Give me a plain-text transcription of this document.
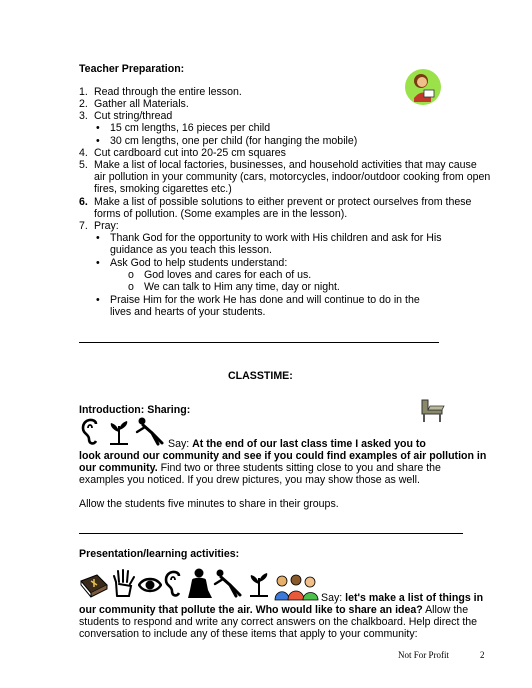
Teacher Preparation:
1. Read through the entire lesson.
2. Gather all Materials.
3. Cut string/thread
• 15 cm lengths, 16 pieces per child
• 30 cm lengths, one per child (for hanging the mobile)
4. Cut cardboard cut into 20-25 cm squares
5. Make a list of local factories, businesses, and household activities that may cause
air pollution in your community (cars, motorcycles, indoor/outdoor cooking from open
fires, smoking cigarettes etc.)
6. Make a list of possible solutions to either prevent or protect ourselves from these
forms of pollution. (Some examples are in the lesson).
7. Pray:
• Thank God for the opportunity to work with His children and ask for His
guidance as you teach this lesson.
• Ask God to help students understand:
o God loves and cares for each of us.
o We can talk to Him any time, day or night.
• Praise Him for the work He has done and will continue to do in the
lives and hearts of your students.
CLASSTIME:
Introduction: Sharing:
Say: At the end of our last class time I asked you to
look around our community and see if you could find examples of air pollution in
our community. Find two or three students sitting close to you and share the
examples you noticed. If you drew pictures, you may show those as well.
Allow the students five minutes to share in their groups.
Presentation/learning activities:
Say: let's make a list of things in
our community that pollute the air. Who would like to share an idea? Allow the
students to respond and write any correct answers on the chalkboard. Help direct the
conversation to include any of these items that apply to your community:
Not For Profit	2
